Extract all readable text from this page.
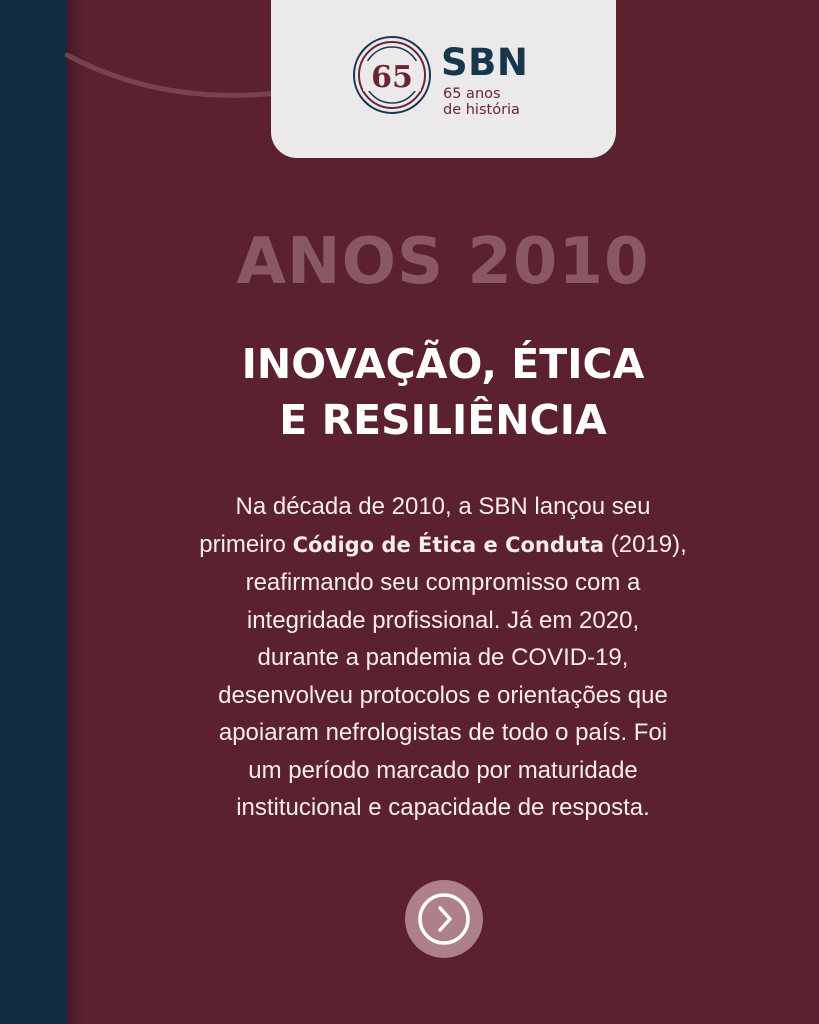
65 SBN
65 anos
de história
ANOS 2010
INOVAÇÃO, ÉTICA
E RESILIÊNCIA
Na década de 2010, a SBN lançou seu
primeiro Código de Ética e Conduta (2019),
reafirmando seu compromisso com a
integridade profissional. Já em 2020,
durante a pandemia de COVID-19,
desenvolveu protocolos e orientações que
apoiaram nefrologistas de todo o país. Foi
um período marcado por maturidade
institucional e capacidade de resposta.
